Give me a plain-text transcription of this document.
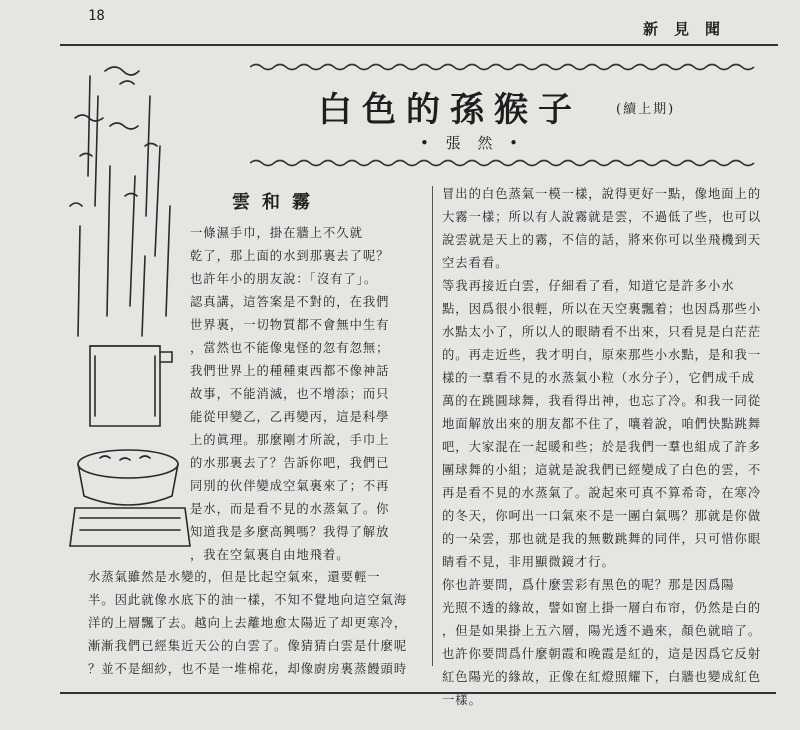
18
新見聞
白色的孫猴子	(續上期)
• 張 然 •
雲和霧

一條濕手巾，掛在牆上不久就

乾了，那上面的水到那裏去了呢？

也許年小的朋友說：「沒有了」。

認真講，這答案是不對的，在我們

世界裏，一切物質都不會無中生有

，當然也不能像鬼怪的忽有忽無；

我們世界上的種種東西都不像神話

故事，不能消滅，也不增添；而只

能從甲變乙，乙再變丙，這是科學

上的眞理。那麼剛才所說，手巾上

的水那裏去了？告訴你吧，我們已

同別的伙伴變成空氣裏來了；不再

是水，而是看不見的水蒸氣了。你

知道我是多麼高興嗎？我得了解放

，我在空氣裏自由地飛着。

水蒸氣雖然是水變的，但是比起空氣來，還要輕一

半。因此就像水底下的油一樣，不知不覺地向這空氣海

洋的上層飄了去。越向上去離地愈太陽近了却更寒冷，

漸漸我們已經集近天公的白雲了。像猜猜白雲是什麼呢

？並不是細紗，也不是一堆棉花，却像廚房裏蒸饅頭時

冒出的白色蒸氣一模一樣，說得更好一點，像地面上的

大霧一樣；所以有人說霧就是雲，不過低了些，也可以

說雲就是天上的霧，不信的話，將來你可以坐飛機到天

空去看看。

等我再接近白雲，仔細看了看，知道它是許多小水

點，因爲很小很輕，所以在天空裏飄着；也因爲那些小

水點太小了，所以人的眼睛看不出來，只看見是白茫茫

的。再走近些，我才明白，原來那些小水點，是和我一

樣的一羣看不見的水蒸氣小粒（水分子），它們成千成

萬的在跳圓球舞，我看得出神，也忘了冷。和我一同從

地面解放出來的朋友都不住了，嚷着說，咱們快點跳舞

吧，大家混在一起暖和些；於是我們一羣也組成了許多

團球舞的小組；這就是說我們已經變成了白色的雲，不

再是看不見的水蒸氣了。說起來可真不算希奇，在寒冷

的冬天，你呵出一口氣來不是一團白氣嗎？那就是你做

的一朵雲，那也就是我的無數跳舞的同伴，只可惜你眼

睛看不見，非用顯微鏡才行。

你也許要問，爲什麼雲彩有黑色的呢？那是因爲陽

光照不透的緣故，譬如窗上掛一層白布帘，仍然是白的

，但是如果掛上五六層，陽光透不過來，顏色就暗了。

也許你要問爲什麼朝霞和晚霞是紅的，這是因爲它反射

紅色陽光的緣故，正像在紅燈照耀下，白牆也變成紅色

一樣。
